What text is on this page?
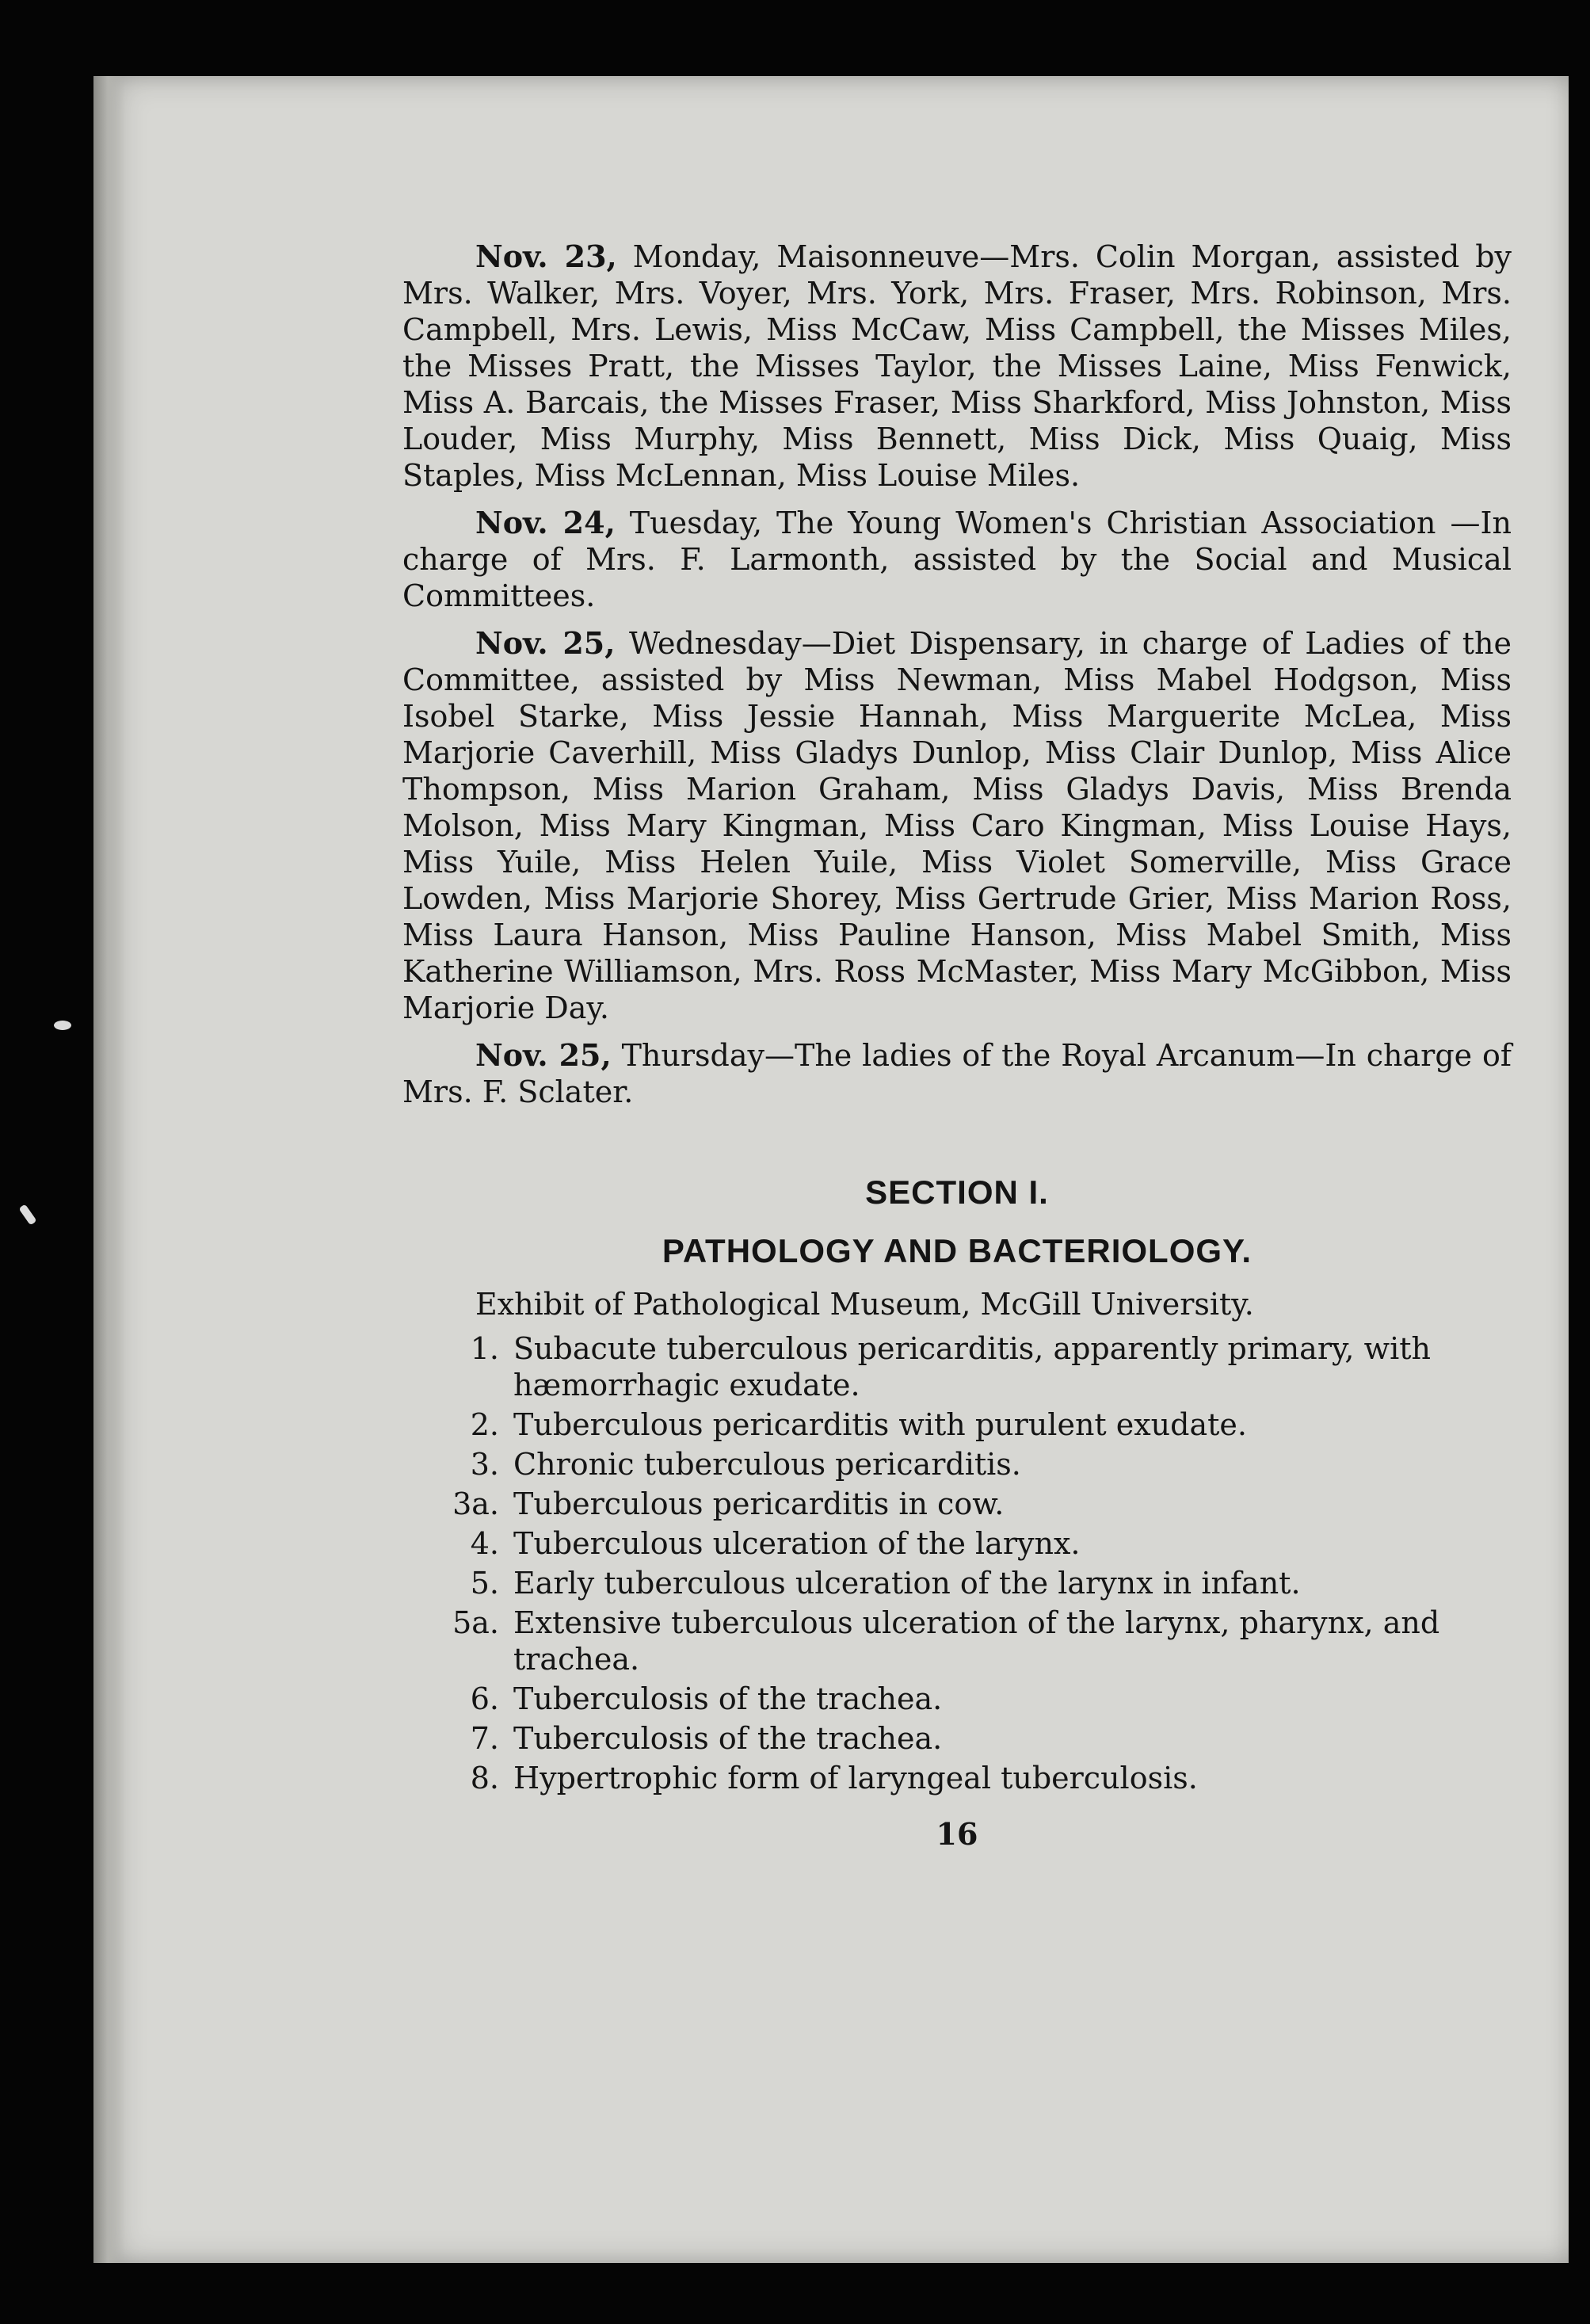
Nov. 23, Monday, Maisonneuve—Mrs. Colin Morgan, assisted by Mrs. Walker, Mrs. Voyer, Mrs. York, Mrs. Fraser, Mrs. Robinson, Mrs. Campbell, Mrs. Lewis, Miss McCaw, Miss Campbell, the Misses Miles, the Misses Pratt, the Misses Taylor, the Misses Laine, Miss Fenwick, Miss A. Barcais, the Misses Fraser, Miss Sharkford, Miss Johnston, Miss Louder, Miss Murphy, Miss Bennett, Miss Dick, Miss Quaig, Miss Staples, Miss McLennan, Miss Louise Miles.

Nov. 24, Tuesday, The Young Women's Christian Association —In charge of Mrs. F. Larmonth, assisted by the Social and Musical Committees.

Nov. 25, Wednesday—Diet Dispensary, in charge of Ladies of the Committee, assisted by Miss Newman, Miss Mabel Hodgson, Miss Isobel Starke, Miss Jessie Hannah, Miss Marguerite McLea, Miss Marjorie Caverhill, Miss Gladys Dunlop, Miss Clair Dunlop, Miss Alice Thompson, Miss Marion Graham, Miss Gladys Davis, Miss Brenda Molson, Miss Mary Kingman, Miss Caro Kingman, Miss Louise Hays, Miss Yuile, Miss Helen Yuile, Miss Violet Somerville, Miss Grace Lowden, Miss Marjorie Shorey, Miss Gertrude Grier, Miss Marion Ross, Miss Laura Hanson, Miss Pauline Hanson, Miss Mabel Smith, Miss Katherine Williamson, Mrs. Ross McMaster, Miss Mary McGibbon, Miss Marjorie Day.

Nov. 25, Thursday—The ladies of the Royal Arcanum—In charge of Mrs. F. Sclater.

SECTION I.
PATHOLOGY AND BACTERIOLOGY.

Exhibit of Pathological Museum, McGill University.

1. Subacute tuberculous pericarditis, apparently primary, with hæmorrhagic exudate.
2. Tuberculous pericarditis with purulent exudate.
3. Chronic tuberculous pericarditis.
3a. Tuberculous pericarditis in cow.
4. Tuberculous ulceration of the larynx.
5. Early tuberculous ulceration of the larynx in infant.
5a. Extensive tuberculous ulceration of the larynx, pharynx, and trachea.
6. Tuberculosis of the trachea.
7. Tuberculosis of the trachea.
8. Hypertrophic form of laryngeal tuberculosis.
16
